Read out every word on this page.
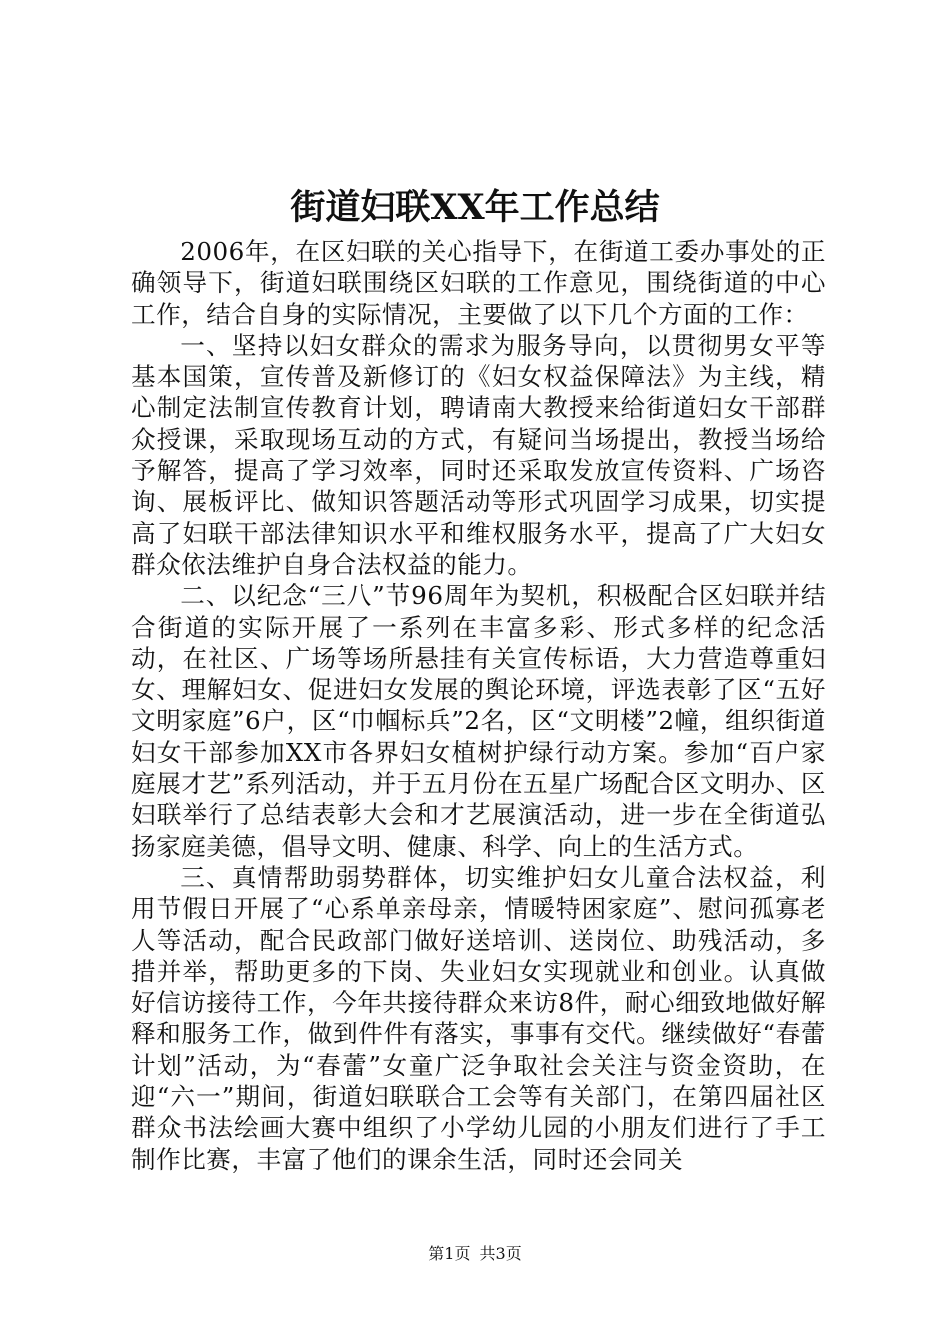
街道妇联XX年工作总结

2006年，在区妇联的关心指导下，在街道工委办事处的正确领导下，街道妇联围绕区妇联的工作意见，围绕街道的中心工作，结合自身的实际情况，主要做了以下几个方面的工作：

一、坚持以妇女群众的需求为服务导向，以贯彻男女平等基本国策，宣传普及新修订的《妇女权益保障法》为主线，精心制定法制宣传教育计划，聘请南大教授来给街道妇女干部群众授课，采取现场互动的方式，有疑问当场提出，教授当场给予解答，提高了学习效率，同时还采取发放宣传资料、广场咨询、展板评比、做知识答题活动等形式巩固学习成果，切实提高了妇联干部法律知识水平和维权服务水平，提高了广大妇女群众依法维护自身合法权益的能力。

二、以纪念“三八”节96周年为契机，积极配合区妇联并结合街道的实际开展了一系列在丰富多彩、形式多样的纪念活动，在社区、广场等场所悬挂有关宣传标语，大力营造尊重妇女、理解妇女、促进妇女发展的舆论环境，评选表彰了区“五好文明家庭”6户，区“巾帼标兵”2名，区“文明楼”2幢，组织街道妇女干部参加XX市各界妇女植树护绿行动方案。参加“百户家庭展才艺”系列活动，并于五月份在五星广场配合区文明办、区妇联举行了总结表彰大会和才艺展演活动，进一步在全街道弘扬家庭美德，倡导文明、健康、科学、向上的生活方式。

三、真情帮助弱势群体，切实维护妇女儿童合法权益，利用节假日开展了“心系单亲母亲，情暖特困家庭”、慰问孤寡老人等活动，配合民政部门做好送培训、送岗位、助残活动，多措并举，帮助更多的下岗、失业妇女实现就业和创业。认真做好信访接待工作，今年共接待群众来访8件，耐心细致地做好解释和服务工作，做到件件有落实，事事有交代。继续做好“春蕾计划”活动，为“春蕾”女童广泛争取社会关注与资金资助，在迎“六一”期间，街道妇联联合工会等有关部门，在第四届社区群众书法绘画大赛中组织了小学幼儿园的小朋友们进行了手工制作比赛，丰富了他们的课余生活，同时还会同关

第1页 共3页
